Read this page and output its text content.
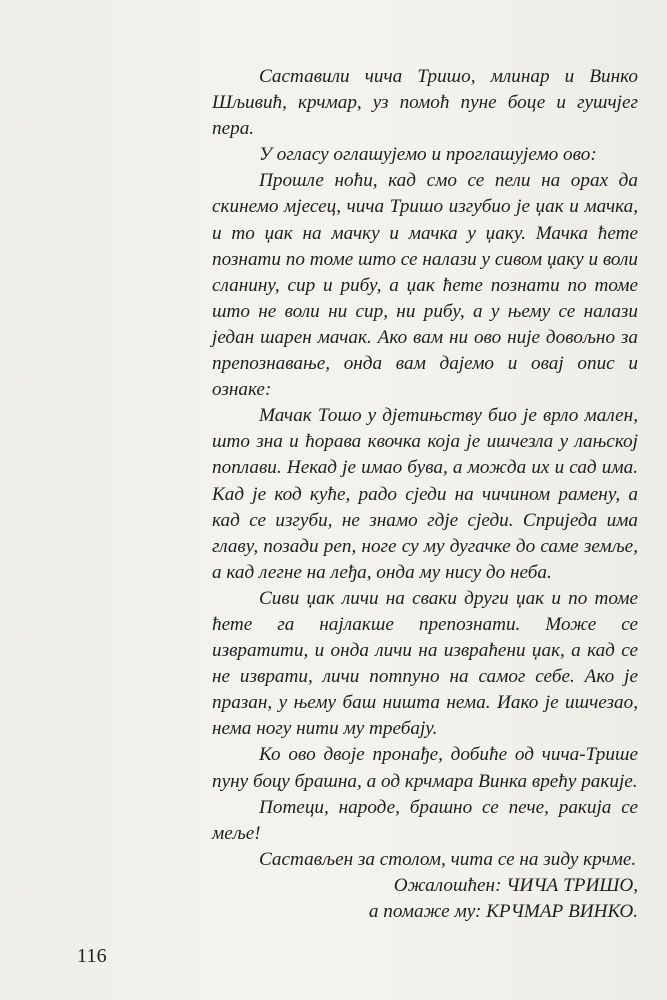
Саставили чича Тришо, млинар и Винко Шљивић, крчмар, уз помоћ пуне боце и гушчјег пера.

У огласу оглашујемо и проглашујемо ово:

Прошле ноћи, кад смо се пели на орах да скинемо мјесец, чича Тришо изгубио је џак и мачка, и то џак на мачку и мачка у џаку. Мачка ћете познати по томе што се налази у сивом џаку и воли сланину, сир и рибу, а џак ћете познати по томе што не воли ни сир, ни рибу, а у њему се налази један шарен мачак. Ако вам ни ово није довољно за препознавање, онда вам дајемо и овај опис и ознаке:

Мачак Тошо у дјетињству био је врло мален, што зна и ћорава квочка која је ишчезла у лањској поплави. Некад је имао бува, а можда их и сад има. Кад је код куће, радо сједи на чичином рамену, а кад се изгуби, не знамо гдје сједи. Сприједа има главу, позади реп, ноге су му дугачке до саме земље, а кад легне на леђа, онда му нису до неба.

Сиви џак личи на сваки други џак и по томе ћете га најлакше препознати. Може се извратити, и онда личи на извраћени џак, а кад се не изврати, личи потпуно на самог себе. Ако је празан, у њему баш ништа нема. Иако је ишчезао, нема ногу нити му требају.

Ко ово двоје пронађе, добиће од чича-Трише пуну боцу брашна, а од крчмара Винка врећу ракије.

Потеци, народе, брашно се пече, ракија се меље!

Састављен за столом, чита се на зиду крчме.

Ожалошћен: ЧИЧА ТРИШО,
а помаже му: КРЧМАР ВИНКО.
116
